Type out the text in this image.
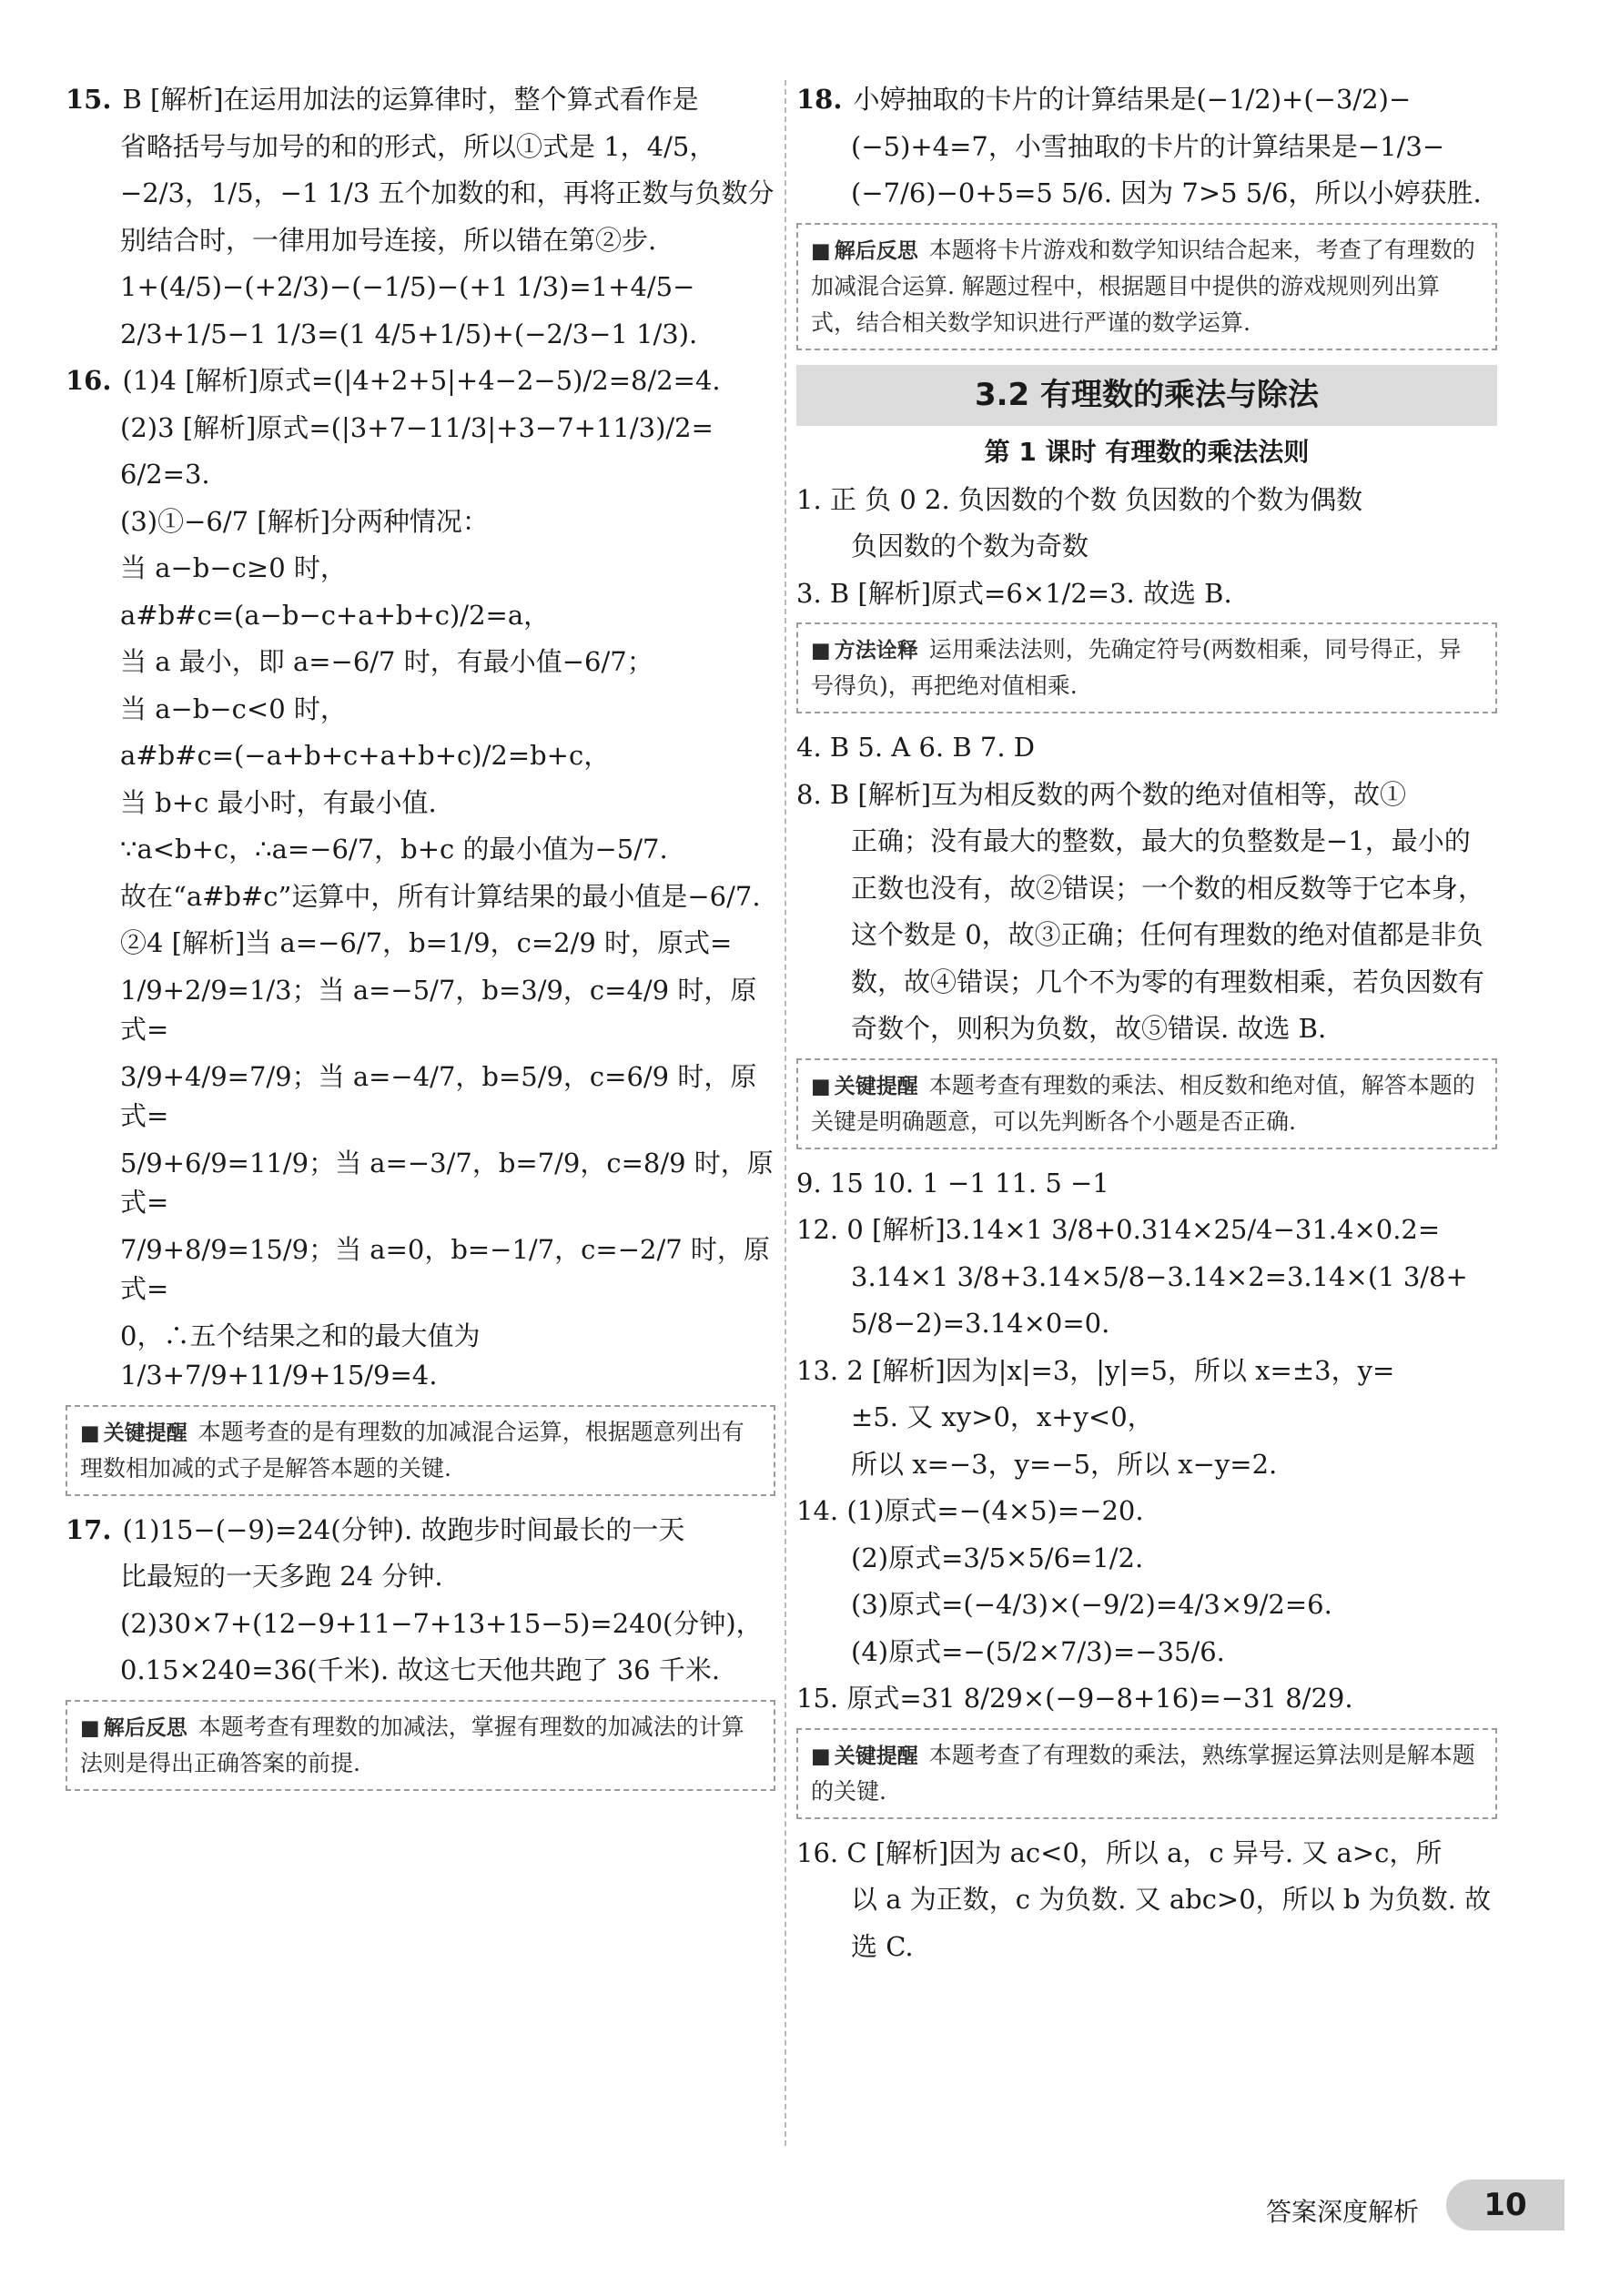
15. B [解析]在运用加法的运算律时，整个算式看作是

省略括号与加号的和的形式，所以①式是 1，4/5，

−2/3，1/5，−1 1/3 五个加数的和，再将正数与负数分

别结合时，一律用加号连接，所以错在第②步.

1+(4/5)−(+2/3)−(−1/5)−(+1 1/3)=1+4/5−

2/3+1/5−1 1/3=(1 4/5+1/5)+(−2/3−1 1/3).

16. (1)4 [解析]原式=(|4+2+5|+4−2−5)/2=8/2=4.

(2)3 [解析]原式=(|3+7−11/3|+3−7+11/3)/2=

6/2=3.

(3)①−6/7 [解析]分两种情况：

当 a−b−c≥0 时，

a#b#c=(a−b−c+a+b+c)/2=a，

当 a 最小，即 a=−6/7 时，有最小值−6/7；

当 a−b−c<0 时，

a#b#c=(−a+b+c+a+b+c)/2=b+c，

当 b+c 最小时，有最小值.

∵a<b+c，∴a=−6/7，b+c 的最小值为−5/7.

故在“a#b#c”运算中，所有计算结果的最小值是−6/7.

②4 [解析]当 a=−6/7，b=1/9，c=2/9 时，原式=

1/9+2/9=1/3；当 a=−5/7，b=3/9，c=4/9 时，原式=

3/9+4/9=7/9；当 a=−4/7，b=5/9，c=6/9 时，原式=

5/9+6/9=11/9；当 a=−3/7，b=7/9，c=8/9 时，原式=

7/9+8/9=15/9；当 a=0，b=−1/7，c=−2/7 时，原式=

0，∴五个结果之和的最大值为 1/3+7/9+11/9+15/9=4.

■ 关键提醒 本题考查的是有理数的加减混合运算，根据题意列出有理数相加减的式子是解答本题的关键.

17. (1)15−(−9)=24(分钟). 故跑步时间最长的一天

比最短的一天多跑 24 分钟.

(2)30×7+(12−9+11−7+13+15−5)=240(分钟)，

0.15×240=36(千米). 故这七天他共跑了 36 千米.

■ 解后反思 本题考查有理数的加减法，掌握有理数的加减法的计算法则是得出正确答案的前提.

18. 小婷抽取的卡片的计算结果是(−1/2)+(−3/2)−

(−5)+4=7，小雪抽取的卡片的计算结果是−1/3−

(−7/6)−0+5=5 5/6. 因为 7>5 5/6，所以小婷获胜.

■ 解后反思 本题将卡片游戏和数学知识结合起来，考查了有理数的加减混合运算. 解题过程中，根据题目中提供的游戏规则列出算式，结合相关数学知识进行严谨的数学运算.
3.2 有理数的乘法与除法
第 1 课时 有理数的乘法法则

1. 正 负 0 2. 负因数的个数 负因数的个数为偶数

负因数的个数为奇数

3. B [解析]原式=6×1/2=3. 故选 B.

■ 方法诠释 运用乘法法则，先确定符号(两数相乘，同号得正，异号得负)，再把绝对值相乘.

4. B 5. A 6. B 7. D

8. B [解析]互为相反数的两个数的绝对值相等，故①

正确；没有最大的整数，最大的负整数是−1，最小的

正数也没有，故②错误；一个数的相反数等于它本身，

这个数是 0，故③正确；任何有理数的绝对值都是非负

数，故④错误；几个不为零的有理数相乘，若负因数有

奇数个，则积为负数，故⑤错误. 故选 B.

■ 关键提醒 本题考查有理数的乘法、相反数和绝对值，解答本题的关键是明确题意，可以先判断各个小题是否正确.

9. 15 10. 1 −1 11. 5 −1

12. 0 [解析]3.14×1 3/8+0.314×25/4−31.4×0.2=

3.14×1 3/8+3.14×5/8−3.14×2=3.14×(1 3/8+

5/8−2)=3.14×0=0.

13. 2 [解析]因为|x|=3，|y|=5，所以 x=±3，y=

±5. 又 xy>0，x+y<0，

所以 x=−3，y=−5，所以 x−y=2.

14. (1)原式=−(4×5)=−20.

(2)原式=3/5×5/6=1/2.

(3)原式=(−4/3)×(−9/2)=4/3×9/2=6.

(4)原式=−(5/2×7/3)=−35/6.

15. 原式=31 8/29×(−9−8+16)=−31 8/29.

■ 关键提醒 本题考查了有理数的乘法，熟练掌握运算法则是解本题的关键.

16. C [解析]因为 ac<0，所以 a，c 异号. 又 a>c，所

以 a 为正数，c 为负数. 又 abc>0，所以 b 为负数. 故

选 C.

答案深度解析	10
